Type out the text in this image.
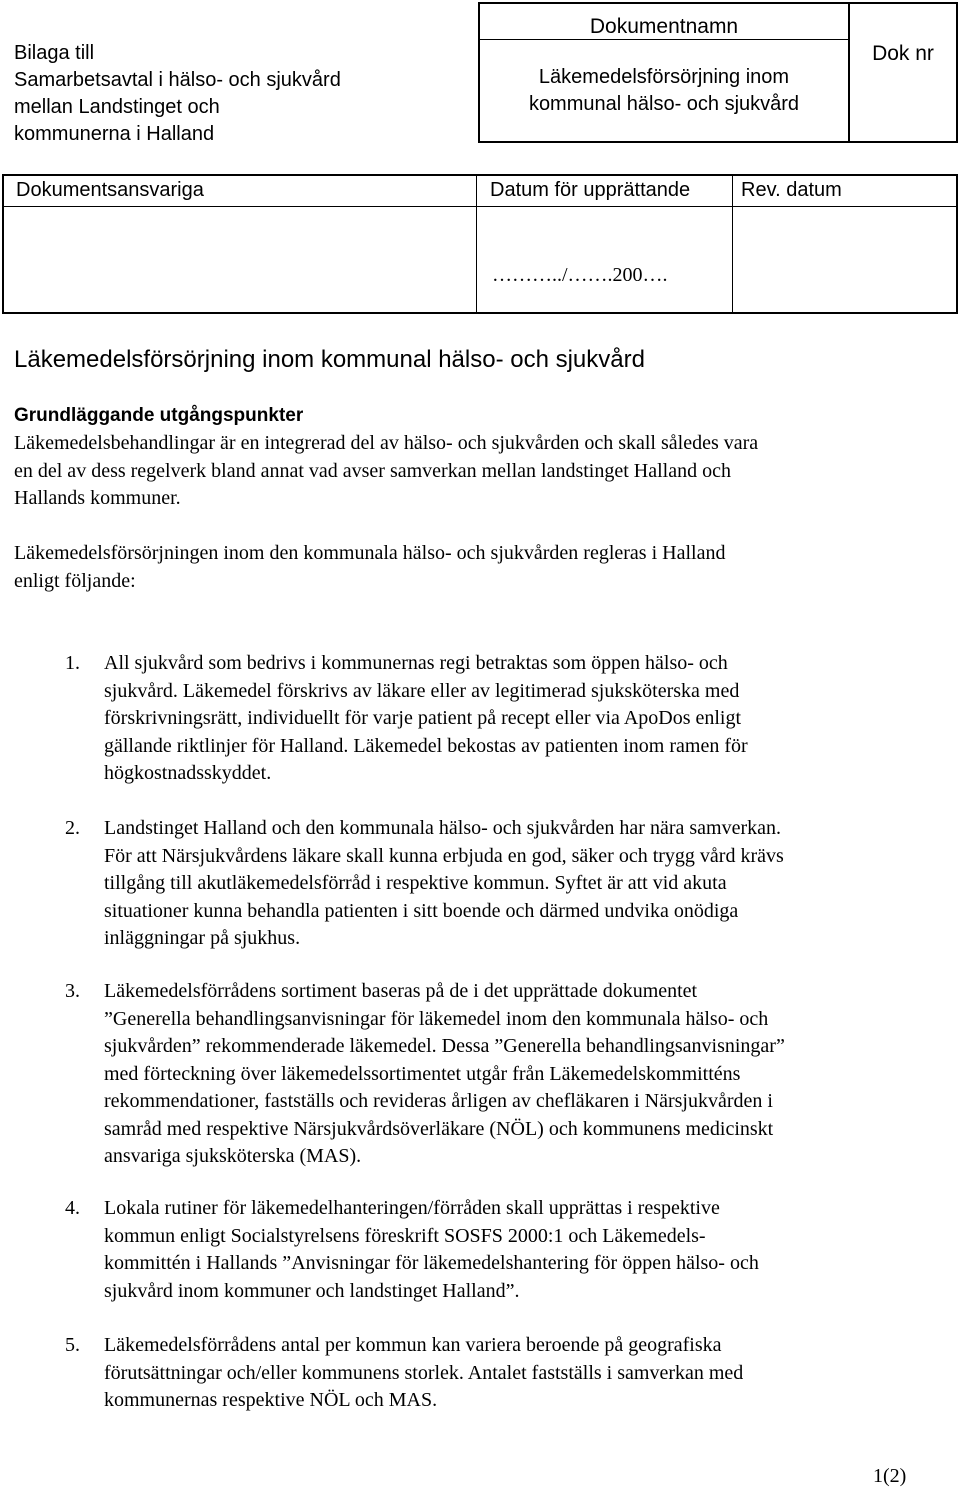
Bilaga till
Samarbetsavtal i hälso- och sjukvård
mellan Landstinget och
kommunerna i Halland
Dokumentnamn
Läkemedelsförsörjning inom
kommunal hälso- och sjukvård
Dok nr
Dokumentsansvariga	Datum för upprättande	Rev. datum
………../…….200….
Läkemedelsförsörjning inom kommunal hälso- och sjukvård
Grundläggande utgångspunkter
Läkemedelsbehandlingar är en integrerad del av hälso- och sjukvården och skall således vara
en del av dess regelverk bland annat vad avser samverkan mellan landstinget Halland och
Hallands kommuner.
Läkemedelsförsörjningen inom den kommunala hälso- och sjukvården regleras i Halland
enligt följande:
1. All sjukvård som bedrivs i kommunernas regi betraktas som öppen hälso- och
sjukvård. Läkemedel förskrivs av läkare eller av legitimerad sjuksköterska med
förskrivningsrätt, individuellt för varje patient på recept eller via ApoDos enligt
gällande riktlinjer för Halland. Läkemedel bekostas av patienten inom ramen för
högkostnadsskyddet.
2. Landstinget Halland och den kommunala hälso- och sjukvården har nära samverkan.
För att Närsjukvårdens läkare skall kunna erbjuda en god, säker och trygg vård krävs
tillgång till akutläkemedelsförråd i respektive kommun. Syftet är att vid akuta
situationer kunna behandla patienten i sitt boende och därmed undvika onödiga
inläggningar på sjukhus.
3. Läkemedelsförrådens sortiment baseras på de i det upprättade dokumentet
”Generella behandlingsanvisningar för läkemedel inom den kommunala hälso- och
sjukvården” rekommenderade läkemedel. Dessa ”Generella behandlingsanvisningar”
med förteckning över läkemedelssortimentet utgår från Läkemedelskommitténs
rekommendationer, fastställs och revideras årligen av chefläkaren i Närsjukvården i
samråd med respektive Närsjukvårdsöverläkare (NÖL) och kommunens medicinskt
ansvariga sjuksköterska (MAS).
4. Lokala rutiner för läkemedelhanteringen/förråden skall upprättas i respektive
kommun enligt Socialstyrelsens föreskrift SOSFS 2000:1 och Läkemedels-
kommittén i Hallands ”Anvisningar för läkemedelshantering för öppen hälso- och
sjukvård inom kommuner och landstinget Halland”.
5. Läkemedelsförrådens antal per kommun kan variera beroende på geografiska
förutsättningar och/eller kommunens storlek. Antalet fastställs i samverkan med
kommunernas respektive NÖL och MAS.
1(2)
